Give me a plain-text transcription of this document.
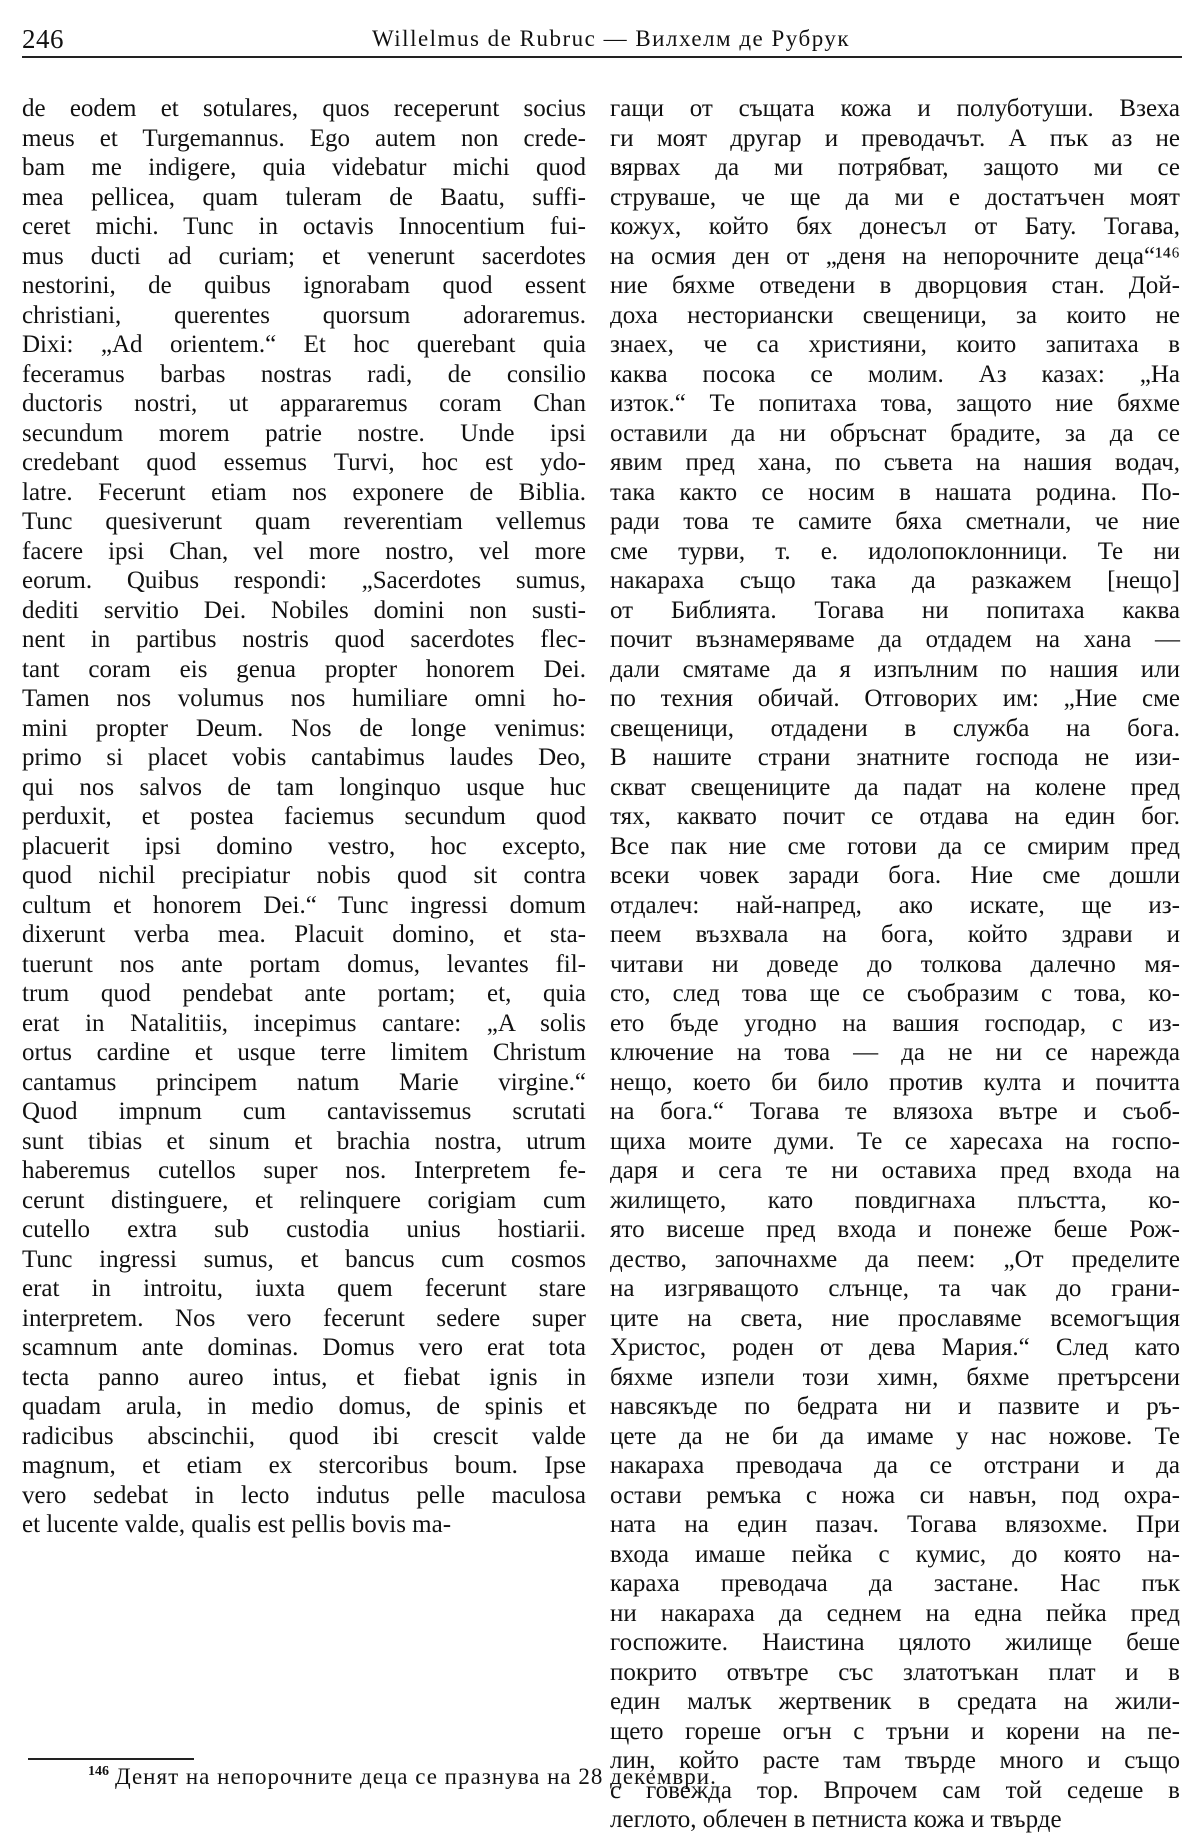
246	Willelmus de Rubruc — Вилхелм де Рубрук
de eodem et sotulares, quos receperunt socius
meus et Turgemannus. Ego autem non crede-
bam me indigere, quia videbatur michi quod
mea pellicea, quam tuleram de Baatu, suffi-
ceret michi. Tunc in octavis Innocentium fui-
mus ducti ad curiam; et venerunt sacerdotes
nestorini, de quibus ignorabam quod essent
christiani, querentes quorsum adoraremus.
Dixi: „Ad orientem.“ Et hoc querebant quia
feceramus barbas nostras radi, de consilio
ductoris nostri, ut appararemus coram Chan
secundum morem patrie nostre. Unde ipsi
credebant quod essemus Turvi, hoc est ydo-
latre. Fecerunt etiam nos exponere de Biblia.
Tunc quesiverunt quam reverentiam vellemus
facere ipsi Chan, vel more nostro, vel more
eorum. Quibus respondi: „Sacerdotes sumus,
dediti servitio Dei. Nobiles domini non susti-
nent in partibus nostris quod sacerdotes flec-
tant coram eis genua propter honorem Dei.
Tamen nos volumus nos humiliare omni ho-
mini propter Deum. Nos de longe venimus:
primo si placet vobis cantabimus laudes Deo,
qui nos salvos de tam longinquo usque huc
perduxit, et postea faciemus secundum quod
placuerit ipsi domino vestro, hoc excepto,
quod nichil precipiatur nobis quod sit contra
cultum et honorem Dei.“ Tunc ingressi domum
dixerunt verba mea. Placuit domino, et sta-
tuerunt nos ante portam domus, levantes fil-
trum quod pendebat ante portam; et, quia
erat in Natalitiis, incepimus cantare: „A solis
ortus cardine et usque terre limitem Christum
cantamus principem natum Marie virgine.“
Quod impnum cum cantavissemus scrutati
sunt tibias et sinum et brachia nostra, utrum
haberemus cutellos super nos. Interpretem fe-
cerunt distinguere, et relinquere corigiam cum
cutello extra sub custodia unius hostiarii.
Tunc ingressi sumus, et bancus cum cosmos
erat in introitu, iuxta quem fecerunt stare
interpretem. Nos vero fecerunt sedere super
scamnum ante dominas. Domus vero erat tota
tecta panno aureo intus, et fiebat ignis in
quadam arula, in medio domus, de spinis et
radicibus abscinchii, quod ibi crescit valde
magnum, et etiam ex stercoribus boum. Ipse
vero sedebat in lecto indutus pelle maculosa
et lucente valde, qualis est pellis bovis ma-
гащи от същата кожа и полуботуши. Взеха
ги моят другар и преводачът. А пък аз не
вярвах да ми потрябват, защото ми се
струваше, че ще да ми е достатъчен моят
кожух, който бях донесъл от Бату. Тогава,
на осмия ден от „деня на непорочните деца“¹⁴⁶
ние бяхме отведени в дворцовия стан. Дой-
доха несториански свещеници, за които не
знаех, че са християни, които запитаха в
каква посока се молим. Аз казах: „На
изток.“ Те попитаха това, защото ние бяхме
оставили да ни обръснат брадите, за да се
явим пред хана, по съвета на нашия водач,
така както се носим в нашата родина. По-
ради това те самите бяха сметнали, че ние
сме турви, т. е. идолопоклонници. Те ни
накараха също така да разкажем [нещо]
от Библията. Тогава ни попитаха каква
почит възнамеряваме да отдадем на хана —
дали смятаме да я изпълним по нашия или
по техния обичай. Отговорих им: „Ние сме
свещеници, отдадени в служба на бога.
В нашите страни знатните господа не изи-
скват свещениците да падат на колене пред
тях, каквато почит се отдава на един бог.
Все пак ние сме готови да се смирим пред
всеки човек заради бога. Ние сме дошли
отдалеч: най-напред, ако искате, ще из-
пеем възхвала на бога, който здрави и
читави ни доведе до толкова далечно мя-
сто, след това ще се съобразим с това, ко-
ето бъде угодно на вашия господар, с из-
ключение на това — да не ни се нарежда
нещо, което би било против култа и почитта
на бога.“ Тогава те влязоха вътре и съоб-
щиха моите думи. Те се харесаха на госпо-
даря и сега те ни оставиха пред входа на
жилището, като повдигнаха плъстта, ко-
ято висеше пред входа и понеже беше Рож-
дество, започнахме да пеем: „От пределите
на изгряващото слънце, та чак до грани-
ците на света, ние прославяме всемогъщия
Христос, роден от дева Мария.“ След като
бяхме изпели този химн, бяхме претърсени
навсякъде по бедрата ни и пазвите и ръ-
цете да не би да имаме у нас ножове. Те
накараха преводача да се отстрани и да
остави ремъка с ножа си навън, под охра-
ната на един пазач. Тогава влязохме. При
входа имаше пейка с кумис, до която на-
караха преводача да застане. Нас пък
ни накараха да седнем на една пейка пред
госпожите. Наистина цялото жилище беше
покрито отвътре със златотъкан плат и в
един малък жертвеник в средата на жили-
щето гореше огън с тръни и корени на пе-
лин, който расте там твърде много и също
с говежда тор. Впрочем сам той седеше в
леглото, облечен в петниста кожа и твърде
$^{146}$ Денят на непорочните деца се празнува на 28 декември.
